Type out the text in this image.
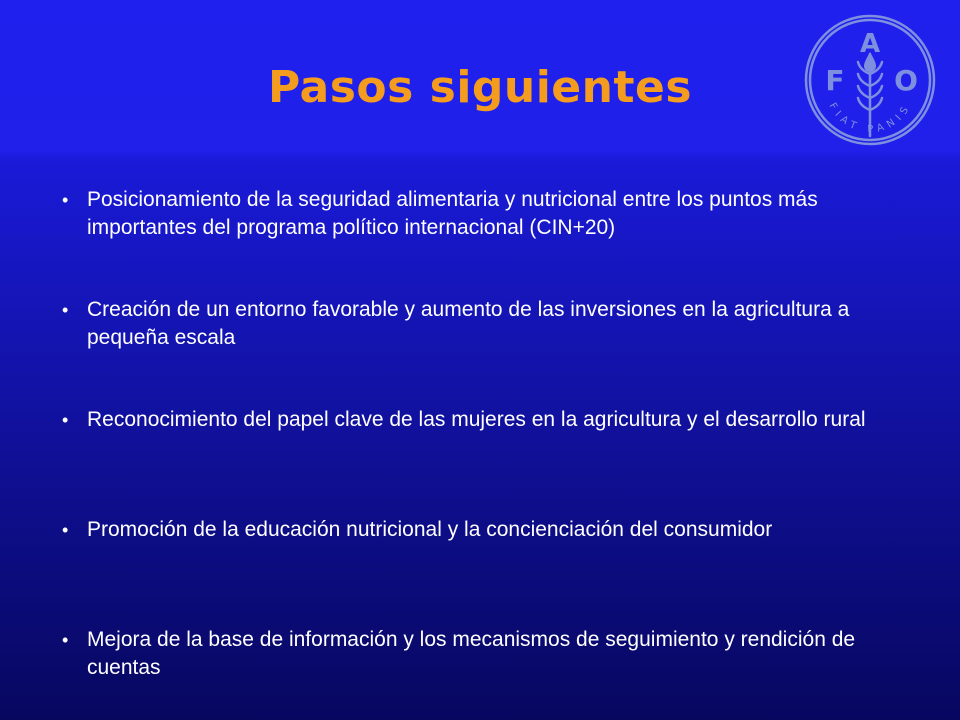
Pasos siguientes
A
F O
FIAT PANIS
• Posicionamiento de la seguridad alimentaria y nutricional entre los puntos más importantes del programa político internacional (CIN+20)
• Creación de un entorno favorable y aumento de las inversiones en la agricultura a pequeña escala
• Reconocimiento del papel clave de las mujeres en la agricultura y el desarrollo rural
• Promoción de la educación nutricional y la concienciación del consumidor
• Mejora de la base de información y los mecanismos de seguimiento y rendición de cuentas
